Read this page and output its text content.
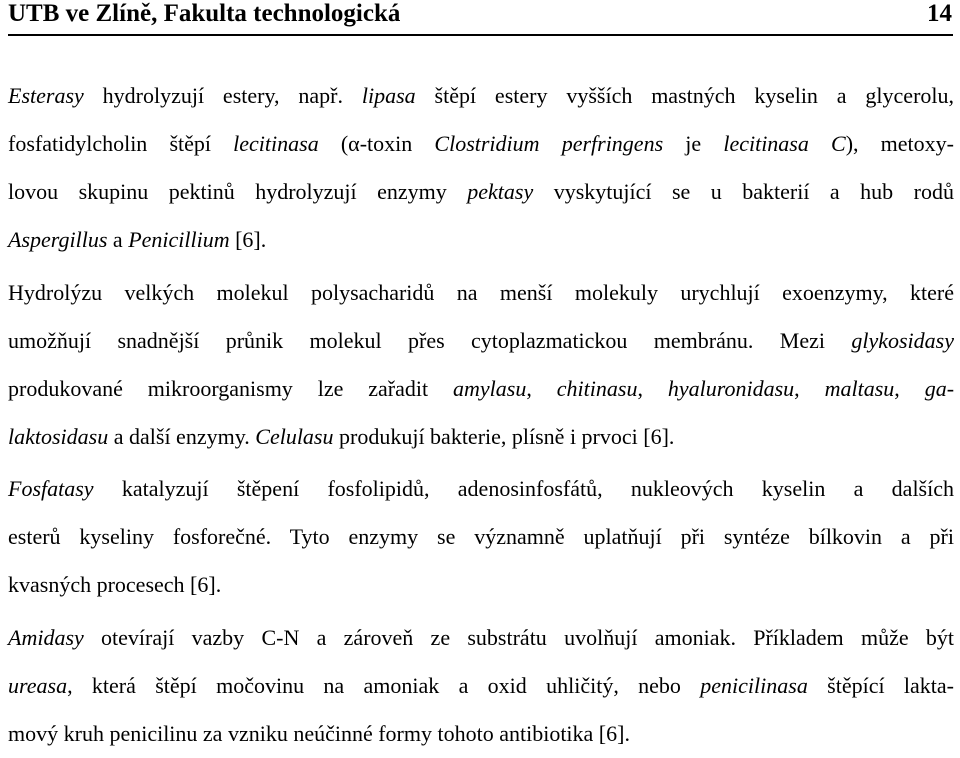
UTB ve Zlíně, Fakulta technologická	14
Esterasy hydrolyzují estery, např. lipasa štěpí estery vyšších mastných kyselin a glycerolu,
fosfatidylcholin štěpí lecitinasa (α-toxin Clostridium perfringens je lecitinasa C), metoxy-
lovou skupinu pektinů hydrolyzují enzymy pektasy vyskytující se u bakterií a hub rodů
Aspergillus a Penicillium [6].
Hydrolýzu velkých molekul polysacharidů na menší molekuly urychlují exoenzymy, které
umožňují snadnější průnik molekul přes cytoplazmatickou membránu. Mezi glykosidasy
produkované mikroorganismy lze zařadit amylasu, chitinasu, hyaluronidasu, maltasu, ga-
laktosidasu a další enzymy. Celulasu produkují bakterie, plísně i prvoci [6].
Fosfatasy katalyzují štěpení fosfolipidů, adenosinfosfátů, nukleových kyselin a dalších
esterů kyseliny fosforečné. Tyto enzymy se významně uplatňují při syntéze bílkovin a při
kvasných procesech [6].
Amidasy otevírají vazby C-N a zároveň ze substrátu uvolňují amoniak. Příkladem může být
ureasa, která štěpí močovinu na amoniak a oxid uhličitý, nebo penicilinasa štěpící lakta-
mový kruh penicilinu za vzniku neúčinné formy tohoto antibiotika [6].
